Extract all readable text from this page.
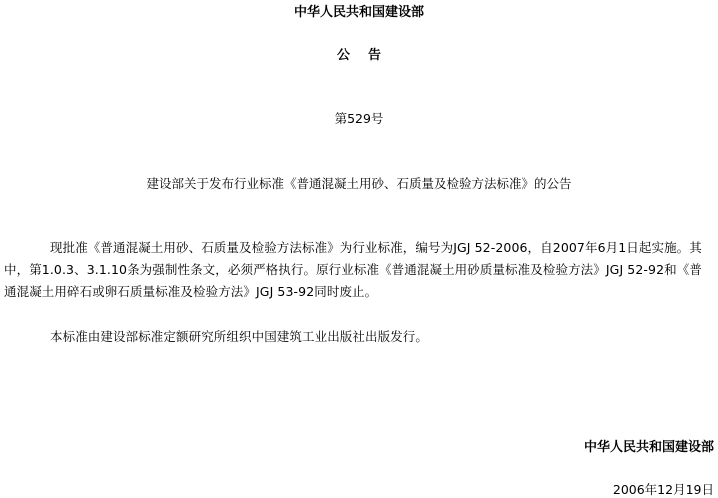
中华人民共和国建设部
公    告
第529号
建设部关于发布行业标准《普通混凝土用砂、石质量及检验方法标准》的公告
现批准《普通混凝土用砂、石质量及检验方法标准》为行业标准，编号为JGJ 52-2006，自2007年6月1日起实施。其中，第1.0.3、3.1.10条为强制性条文，必须严格执行。原行业标准《普通混凝土用砂质量标准及检验方法》JGJ 52-92和《普通混凝土用碎石或卵石质量标准及检验方法》JGJ 53-92同时废止。
本标准由建设部标准定额研究所组织中国建筑工业出版社出版发行。
中华人民共和国建设部
2006年12月19日
